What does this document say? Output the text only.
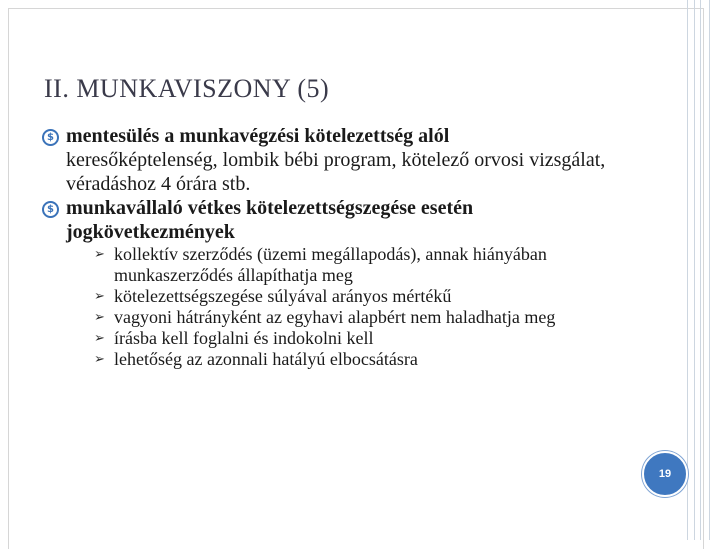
II. MUNKAVISZONY (5)
$ mentesülés a munkavégzési kötelezettség alól
keresőképtelenség, lombik bébi program, kötelező orvosi vizsgálat, véradáshoz 4 órára stb.
$ munkavállaló vétkes kötelezettségszegése esetén jogkövetkezmények
➢ kollektív szerződés (üzemi megállapodás), annak hiányában munkaszerződés állapíthatja meg
➢ kötelezettségszegése súlyával arányos mértékű
➢ vagyoni hátrányként az egyhavi alapbért nem haladhatja meg
➢ írásba kell foglalni és indokolni kell
➢ lehetőség az azonnali hatályú elbocsátásra
19
